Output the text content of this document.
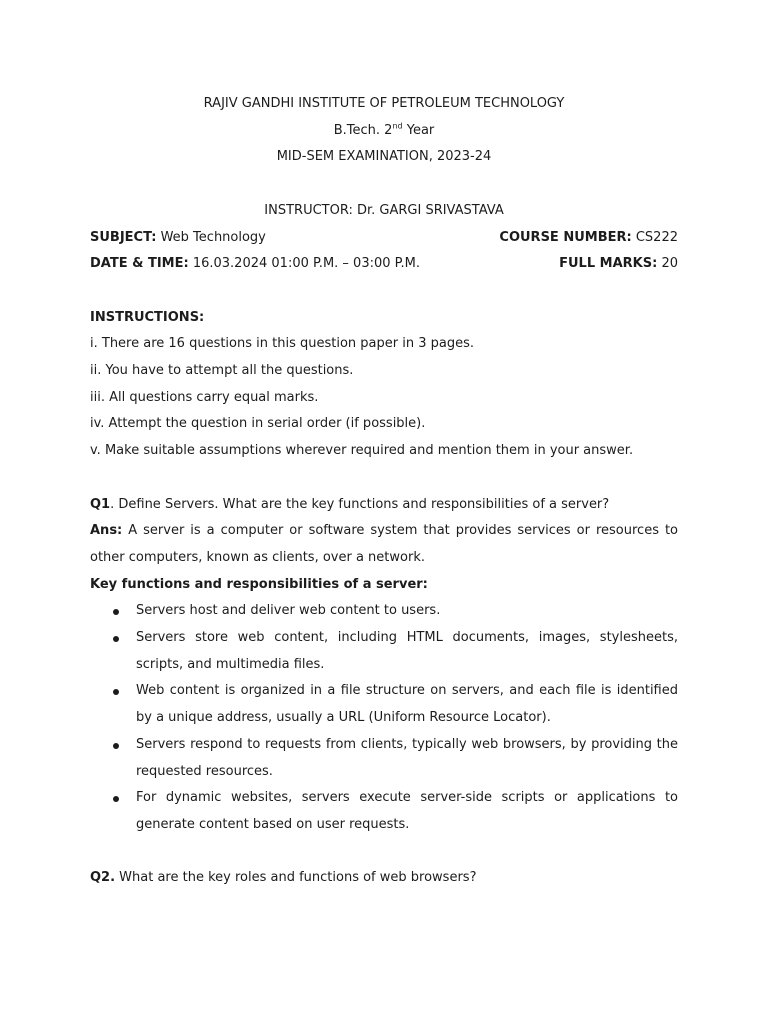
RAJIV GANDHI INSTITUTE OF PETROLEUM TECHNOLOGY
B.Tech. 2nd Year
MID-SEM EXAMINATION, 2023-24
INSTRUCTOR: Dr. GARGI SRIVASTAVA
SUBJECT: Web Technology	COURSE NUMBER: CS222
DATE & TIME: 16.03.2024 01:00 P.M. – 03:00 P.M.	FULL MARKS: 20
INSTRUCTIONS:
i. There are 16 questions in this question paper in 3 pages.
ii. You have to attempt all the questions.
iii. All questions carry equal marks.
iv. Attempt the question in serial order (if possible).
v. Make suitable assumptions wherever required and mention them in your answer.
Q1. Define Servers. What are the key functions and responsibilities of a server?
Ans: A server is a computer or software system that provides services or resources to other computers, known as clients, over a network.
Key functions and responsibilities of a server:
Servers host and deliver web content to users.
Servers store web content, including HTML documents, images, stylesheets, scripts, and multimedia files.
Web content is organized in a file structure on servers, and each file is identified by a unique address, usually a URL (Uniform Resource Locator).
Servers respond to requests from clients, typically web browsers, by providing the requested resources.
For dynamic websites, servers execute server-side scripts or applications to generate content based on user requests.
Q2. What are the key roles and functions of web browsers?
